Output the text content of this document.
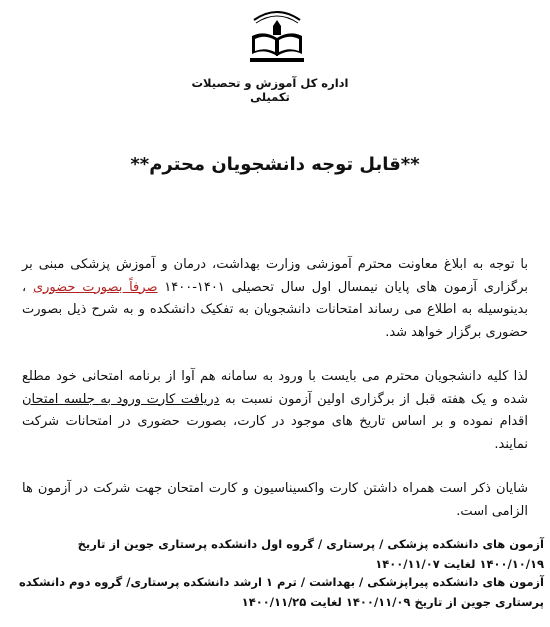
اداره کل آموزش و تحصیلات تکمیلی
**قابل توجه دانشجویان محترم**

با توجه به ابلاغ معاونت محترم آموزشی وزارت بهداشت، درمان و آموزش پزشکی مبنی بر برگزاری آزمون های پایان نیمسال اول سال تحصیلی ۱۴۰۱-۱۴۰۰ صرفاً بصورت حضوری ، بدینوسیله به اطلاع می رساند امتحانات دانشجویان به تفکیک دانشکده و به شرح ذیل بصورت حضوری برگزار خواهد شد.

لذا کلیه دانشجویان محترم می بایست با ورود به سامانه هم آوا از برنامه امتحانی خود مطلع شده و یک هفته قبل از برگزاری اولین آزمون نسبت به دریافت کارت ورود به جلسه امتحان اقدام نموده و بر اساس تاریخ های موجود در کارت، بصورت حضوری در امتحانات شرکت نمایند.

شایان ذکر است همراه داشتن کارت واکسیناسیون و کارت امتحان جهت شرکت در آزمون ها الزامی است.

آزمون های دانشکده پزشکی / پرستاری / گروه اول دانشکده پرستاری جوین از تاریخ ۱۴۰۰/۱۰/۱۹ لغایت ۱۴۰۰/۱۱/۰۷
آزمون های دانشکده پیراپزشکی / بهداشت / ترم ۱ ارشد دانشکده پرستاری/ گروه دوم دانشکده پرستاری جوین از تاریخ ۱۴۰۰/۱۱/۰۹ لغایت ۱۴۰۰/۱۱/۲۵
